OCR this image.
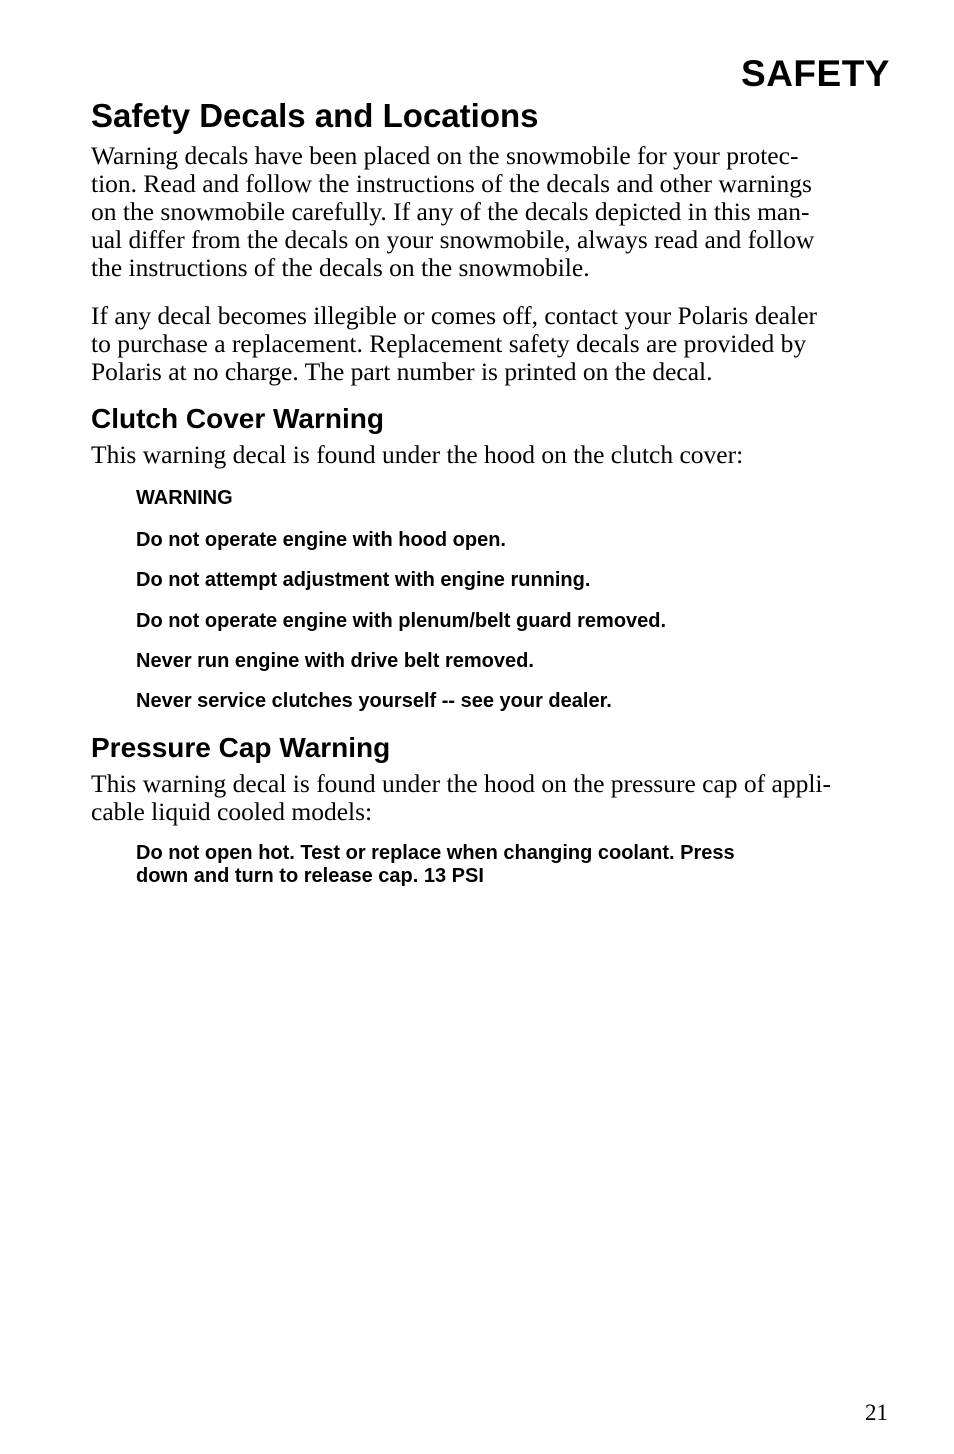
SAFETY
Safety Decals and Locations

Warning decals have been placed on the snowmobile for your protec-
tion. Read and follow the instructions of the decals and other warnings
on the snowmobile carefully. If any of the decals depicted in this man-
ual differ from the decals on your snowmobile, always read and follow
the instructions of the decals on the snowmobile.

If any decal becomes illegible or comes off, contact your Polaris dealer
to purchase a replacement. Replacement safety decals are provided by
Polaris at no charge. The part number is printed on the decal.

Clutch Cover Warning

This warning decal is found under the hood on the clutch cover:

WARNING
Do not operate engine with hood open.
Do not attempt adjustment with engine running.
Do not operate engine with plenum/belt guard removed.
Never run engine with drive belt removed.
Never service clutches yourself -- see your dealer.
Pressure Cap Warning

This warning decal is found under the hood on the pressure cap of appli-
cable liquid cooled models:

Do not open hot. Test or replace when changing coolant. Press
down and turn to release cap. 13 PSI
21
